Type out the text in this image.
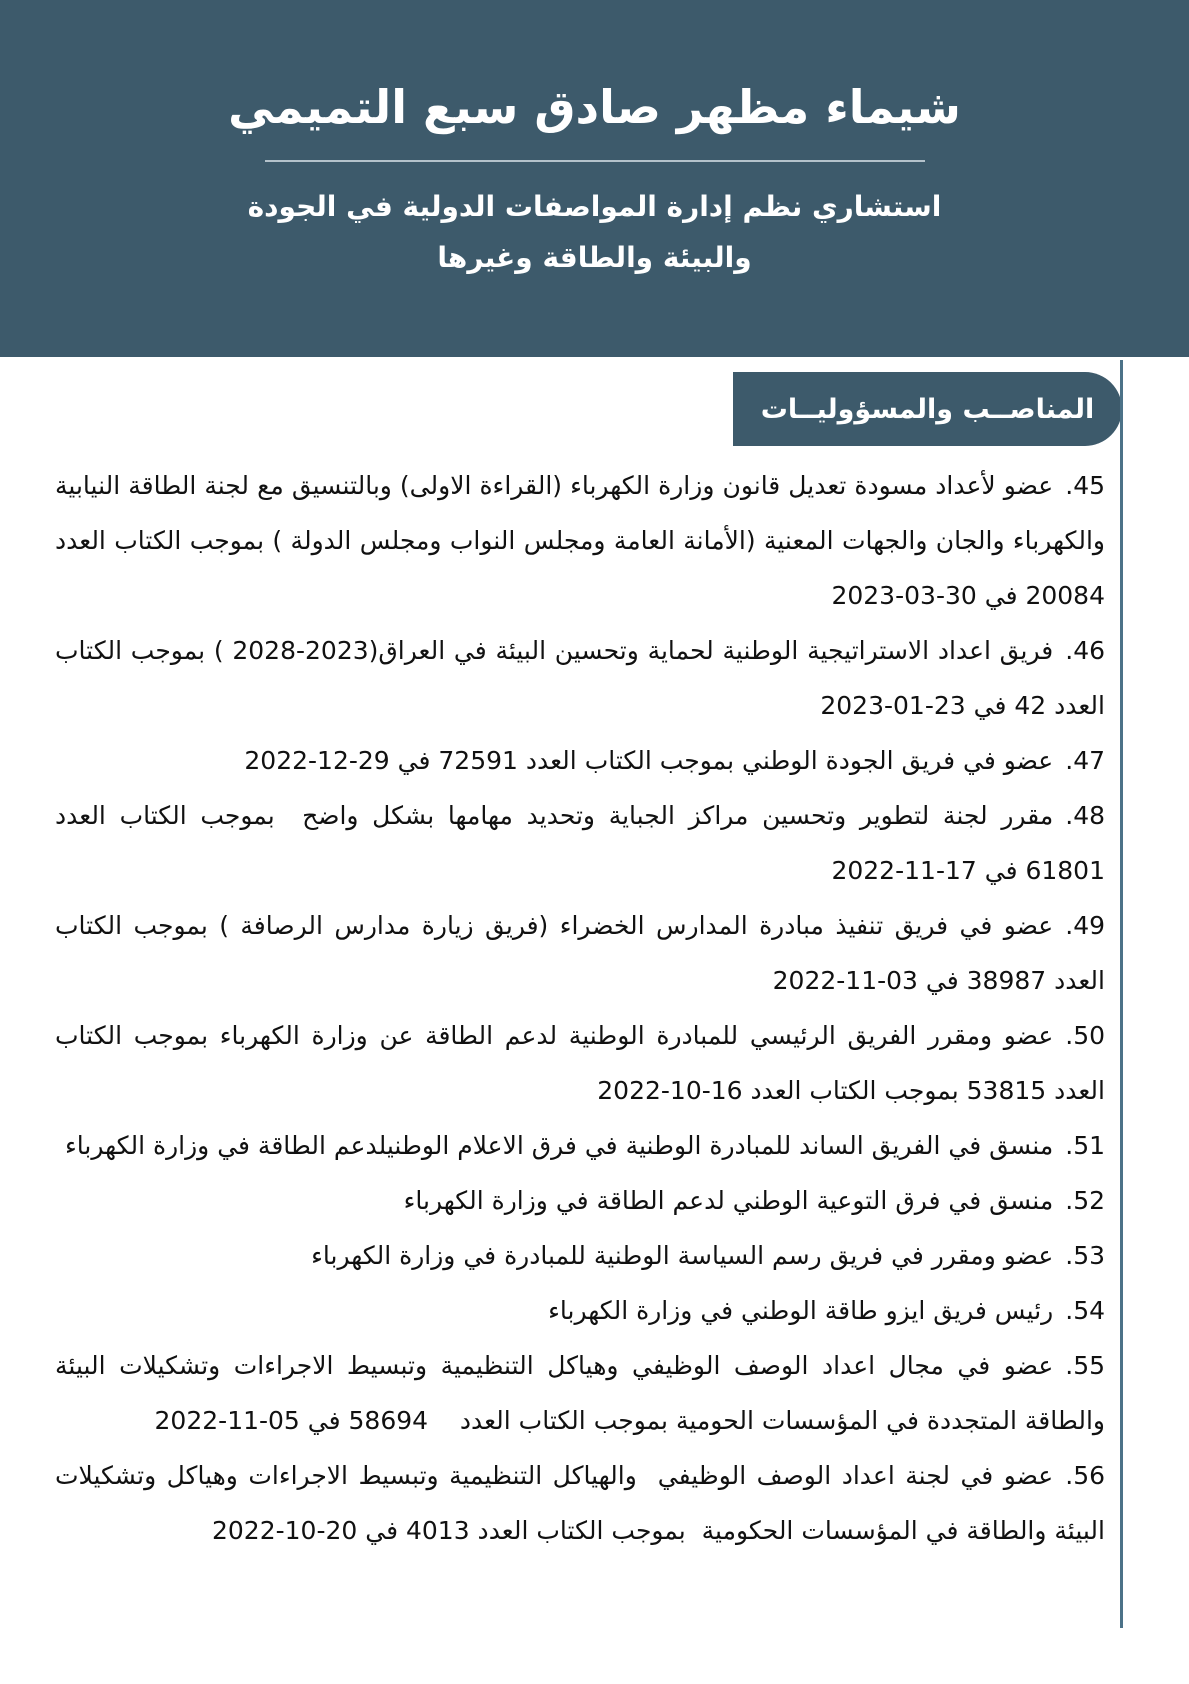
شيماء مظهر صادق سبع التميمي
استشاري نظم إدارة المواصفات الدولية في الجودة
والبيئة والطاقة وغيرها
المناصــب والمسؤوليــات

45.عضو لأعداد مسودة تعديل قانون وزارة الكهرباء (القراءة الاولى) وبالتنسيق مع لجنة الطاقة النيابية والكهرباء والجان والجهات المعنية (الأمانة العامة ومجلس النواب ومجلس الدولة ) بموجب الكتاب العدد 20084 في 30-03-2023

46.فريق اعداد الاستراتيجية الوطنية لحماية وتحسين البيئة في العراق(2023-2028 ) بموجب الكتاب العدد 42 في 23-01-2023

47.عضو في فريق الجودة الوطني بموجب الكتاب العدد 72591 في 29-12-2022

48.مقرر لجنة لتطوير وتحسين مراكز الجباية وتحديد مهامها بشكل واضح  بموجب الكتاب العدد 61801 في 17-11-2022

49.عضو في فريق تنفيذ مبادرة المدارس الخضراء (فريق زيارة مدارس الرصافة ) بموجب الكتاب العدد 38987 في 03-11-2022

50.عضو ومقرر الفريق الرئيسي للمبادرة الوطنية لدعم الطاقة عن وزارة الكهرباء بموجب الكتاب العدد 53815 بموجب الكتاب العدد 16-10-2022

51.منسق في الفريق الساند للمبادرة الوطنية في فرق الاعلام الوطنيلدعم الطاقة في وزارة الكهرباء

52.منسق في فرق التوعية الوطني لدعم الطاقة في وزارة الكهرباء

53.عضو ومقرر في فريق رسم السياسة الوطنية للمبادرة في وزارة الكهرباء

54.رئيس فريق ايزو طاقة الوطني في وزارة الكهرباء

55.عضو في مجال اعداد الوصف الوظيفي وهياكل التنظيمية وتبسيط الاجراءات وتشكيلات البيئة والطاقة المتجددة في المؤسسات الحومية بموجب الكتاب العدد    58694 في 05-11-2022

56.عضو في لجنة اعداد الوصف الوظيفي  والهياكل التنظيمية وتبسيط الاجراءات وهياكل وتشكيلات البيئة والطاقة في المؤسسات الحكومية  بموجب الكتاب العدد 4013 في 20-10-2022
